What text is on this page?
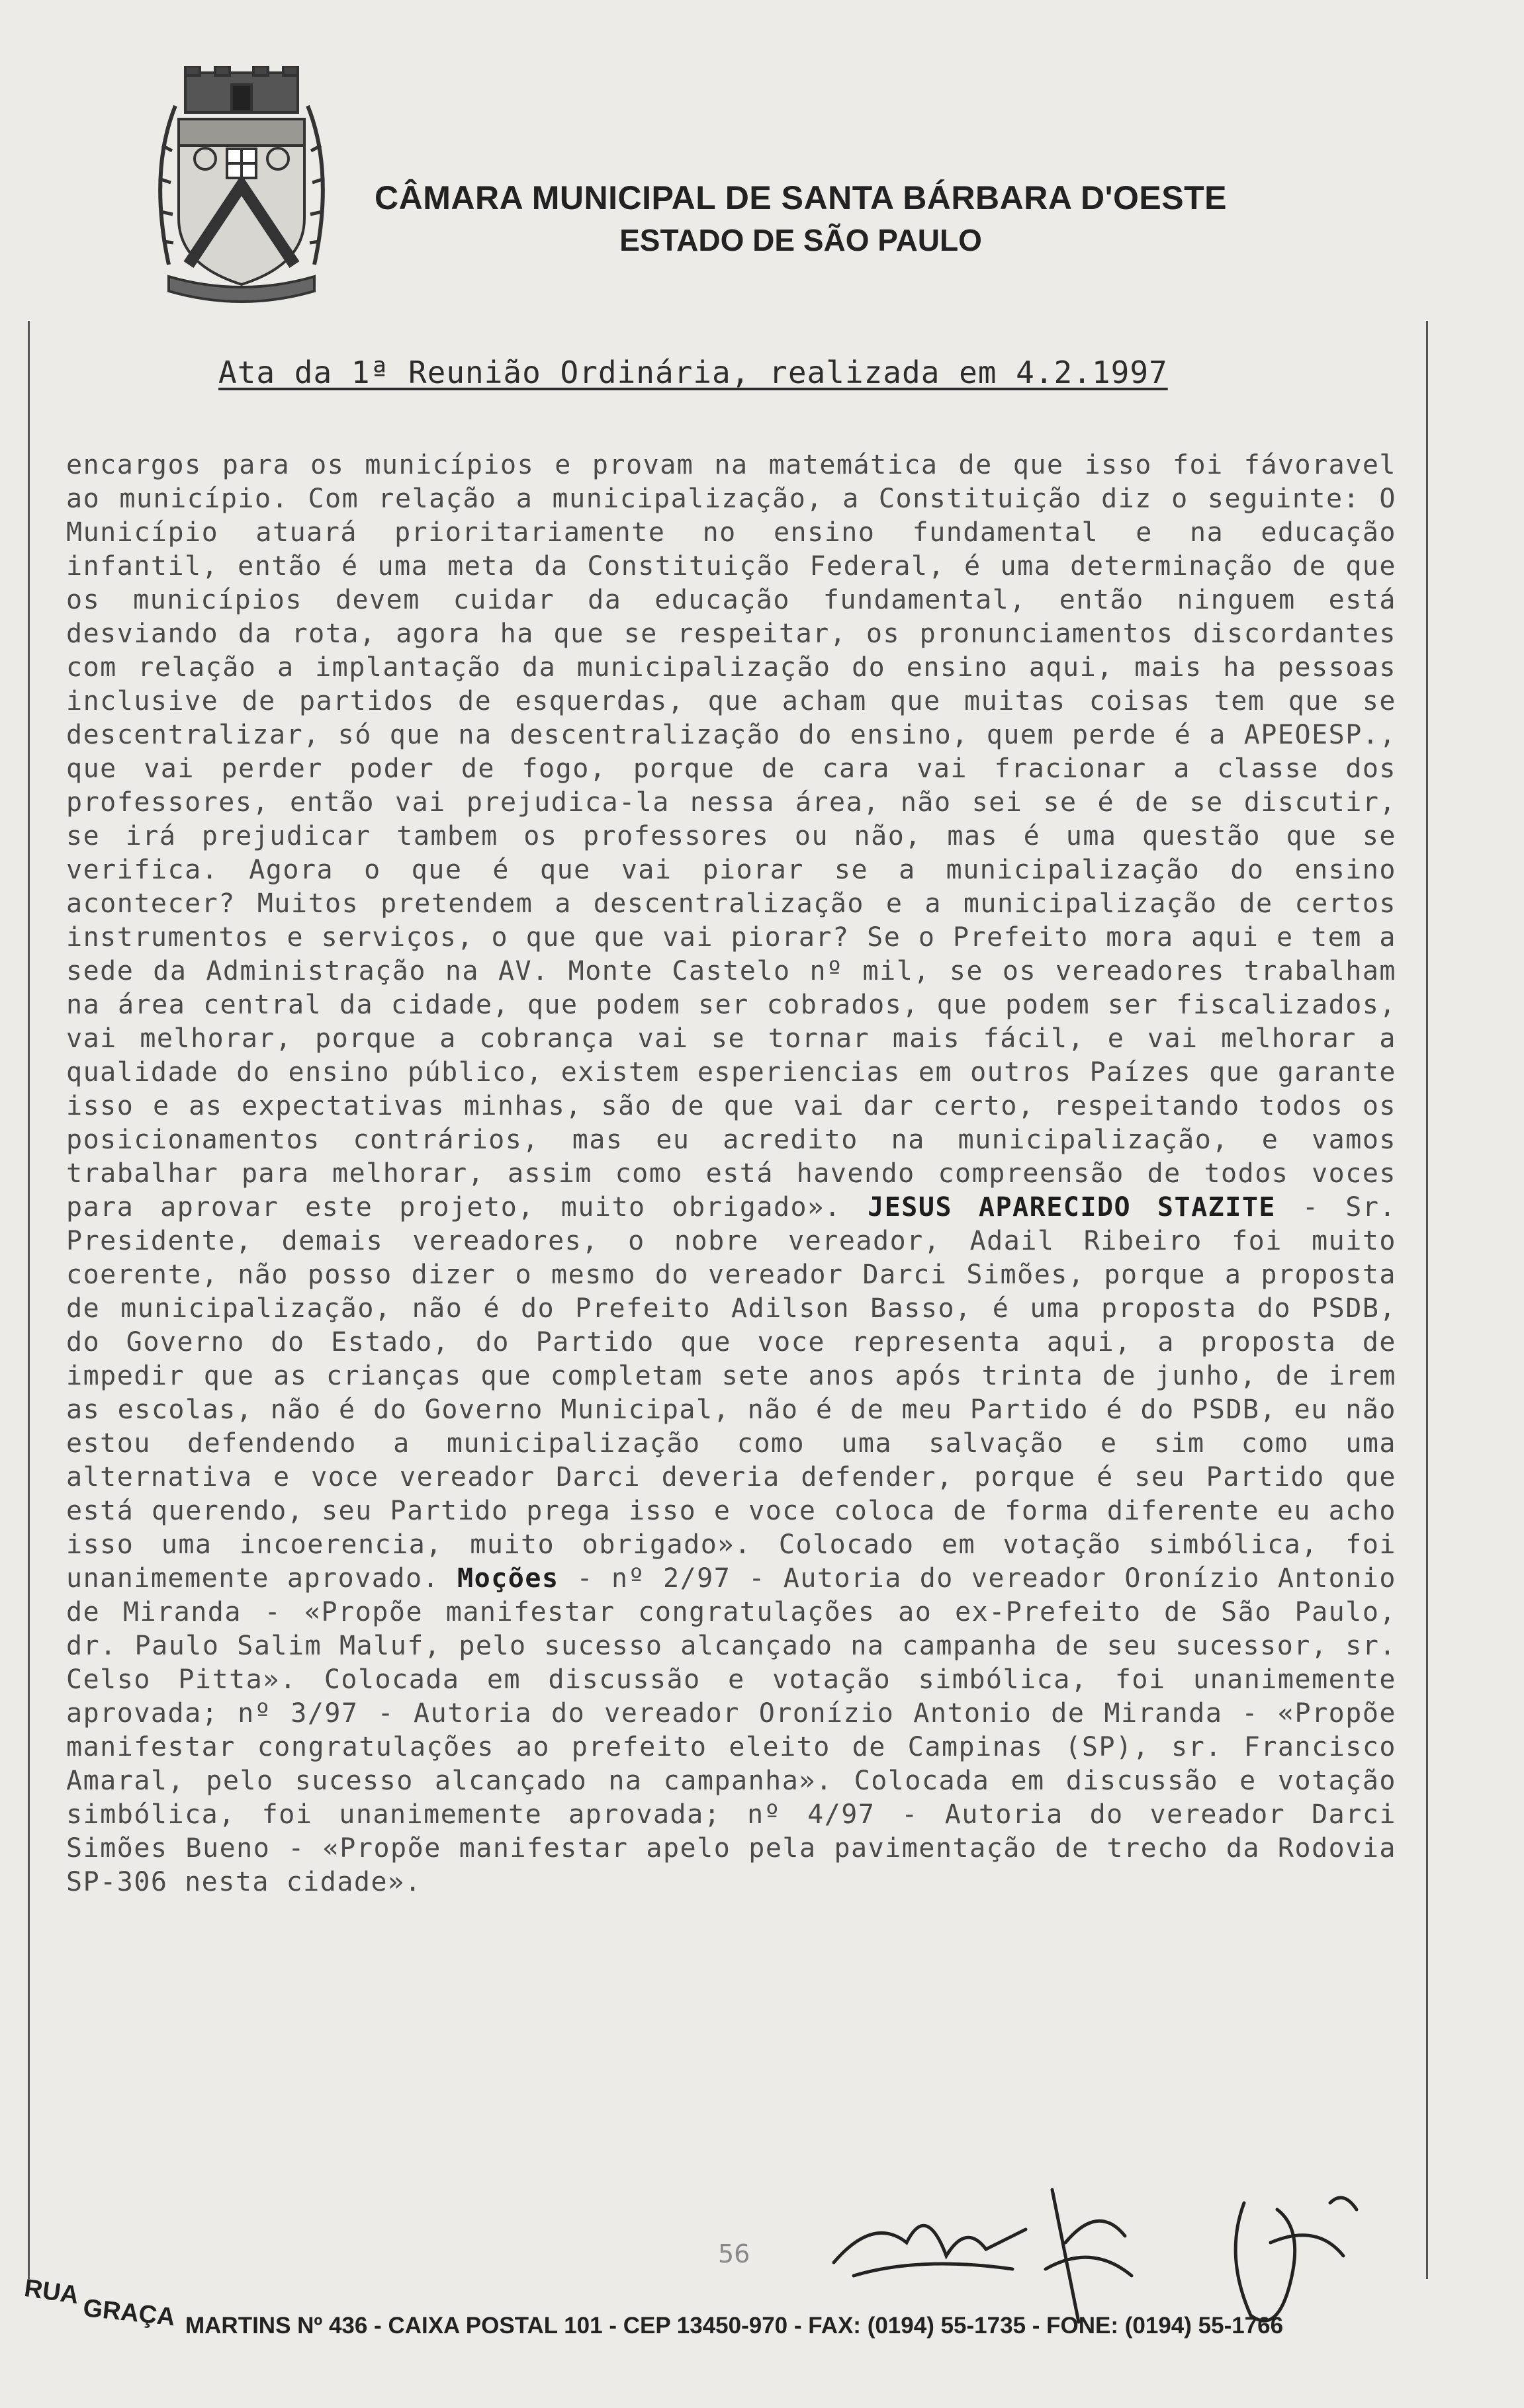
CÂMARA MUNICIPAL DE SANTA BÁRBARA D'OESTE
ESTADO DE SÃO PAULO
Ata da 1ª Reunião Ordinária, realizada em 4.2.1997
encargos para os municípios e provam na matemática de que isso foi fávoravel ao município. Com relação a municipalização, a Constituição diz o seguinte: O Município atuará prioritariamente no ensino fundamental e na educação infantil, então é uma meta da Constituição Federal, é uma determinação de que os municípios devem cuidar da educação fundamental, então ninguem está desviando da rota, agora ha que se respeitar, os pronunciamentos discordantes com relação a implantação da municipalização do ensino aqui, mais ha pessoas inclusive de partidos de esquerdas, que acham que muitas coisas tem que se descentralizar, só que na descentralização do ensino, quem perde é a APEOESP., que vai perder poder de fogo, porque de cara vai fracionar a classe dos professores, então vai prejudica-la nessa área, não sei se é de se discutir, se irá prejudicar tambem os professores ou não, mas é uma questão que se verifica. Agora o que é que vai piorar se a municipalização do ensino acontecer? Muitos pretendem a descentralização e a municipalização de certos instrumentos e serviços, o que que vai piorar? Se o Prefeito mora aqui e tem a sede da Administração na AV. Monte Castelo nº mil, se os vereadores trabalham na área central da cidade, que podem ser cobrados, que podem ser fiscalizados, vai melhorar, porque a cobrança vai se tornar mais fácil, e vai melhorar a qualidade do ensino público, existem esperiencias em outros Paízes que garante isso e as expectativas minhas, são de que vai dar certo, respeitando todos os posicionamentos contrários, mas eu acredito na municipalização, e vamos trabalhar para melhorar, assim como está havendo compreensão de todos voces para aprovar este projeto, muito obrigado». JESUS APARECIDO STAZITE - Sr. Presidente, demais vereadores, o nobre vereador, Adail Ribeiro foi muito coerente, não posso dizer o mesmo do vereador Darci Simões, porque a proposta de municipalização, não é do Prefeito Adilson Basso, é uma proposta do PSDB, do Governo do Estado, do Partido que voce representa aqui, a proposta de impedir que as crianças que completam sete anos após trinta de junho, de irem as escolas, não é do Governo Municipal, não é de meu Partido é do PSDB, eu não estou defendendo a municipalização como uma salvação e sim como uma alternativa e voce vereador Darci deveria defender, porque é seu Partido que está querendo, seu Partido prega isso e voce coloca de forma diferente eu acho isso uma incoerencia, muito obrigado». Colocado em votação simbólica, foi unanimemente aprovado. Moções - nº 2/97 - Autoria do vereador Oronízio Antonio de Miranda - «Propõe manifestar congratulações ao ex-Prefeito de São Paulo, dr. Paulo Salim Maluf, pelo sucesso alcançado na campanha de seu sucessor, sr. Celso Pitta». Colocada em discussão e votação simbólica, foi unanimemente aprovada; nº 3/97 - Autoria do vereador Oronízio Antonio de Miranda - «Propõe manifestar congratulações ao prefeito eleito de Campinas (SP), sr. Francisco Amaral, pelo sucesso alcançado na campanha». Colocada em discussão e votação simbólica, foi unanimemente aprovada; nº 4/97 - Autoria do vereador Darci Simões Bueno - «Propõe manifestar apelo pela pavimentação de trecho da Rodovia SP-306 nesta cidade».
56
RUA
GRAÇA MARTINS Nº 436 - CAIXA POSTAL 101 - CEP 13450-970 - FAX: (0194) 55-1735 - FONE: (0194) 55-1766
